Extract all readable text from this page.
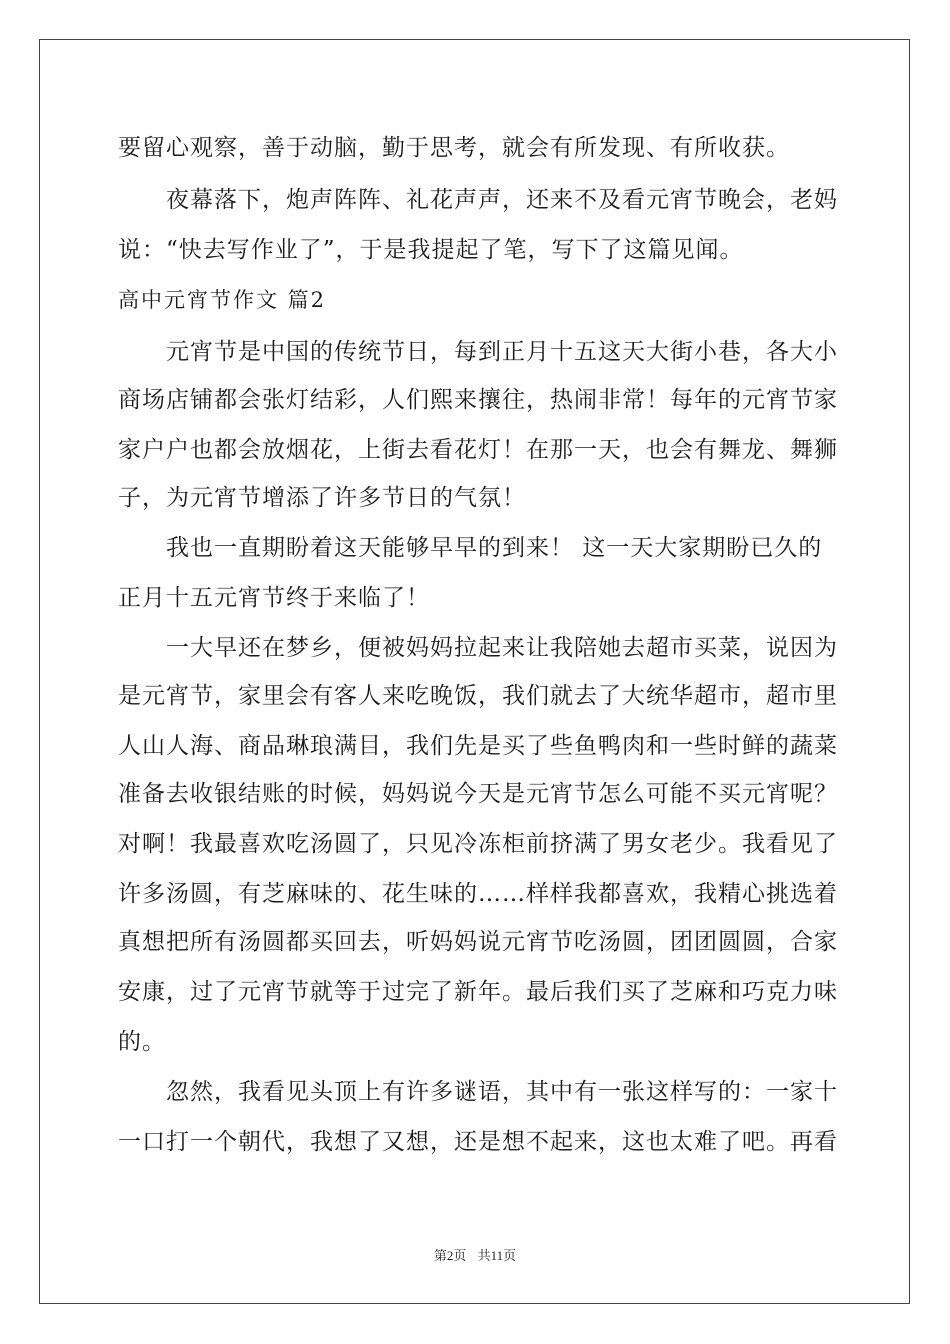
要留心观察，善于动脑，勤于思考，就会有所发现、有所收获。
夜幕落下，炮声阵阵、礼花声声，还来不及看元宵节晚会，老妈
说：“快去写作业了”，于是我提起了笔，写下了这篇见闻。
高中元宵节作文 篇2
元宵节是中国的传统节日，每到正月十五这天大街小巷，各大小
商场店铺都会张灯结彩，人们熙来攘往，热闹非常！每年的元宵节家
家户户也都会放烟花，上街去看花灯！在那一天，也会有舞龙、舞狮
子，为元宵节增添了许多节日的气氛！
我也一直期盼着这天能够早早的到来！ 这一天大家期盼已久的
正月十五元宵节终于来临了！
一大早还在梦乡，便被妈妈拉起来让我陪她去超市买菜，说因为
是元宵节，家里会有客人来吃晚饭，我们就去了大统华超市，超市里
人山人海、商品琳琅满目，我们先是买了些鱼鸭肉和一些时鲜的蔬菜
准备去收银结账的时候，妈妈说今天是元宵节怎么可能不买元宵呢？
对啊！我最喜欢吃汤圆了，只见冷冻柜前挤满了男女老少。我看见了
许多汤圆，有芝麻味的、花生味的……样样我都喜欢，我精心挑选着
真想把所有汤圆都买回去，听妈妈说元宵节吃汤圆，团团圆圆，合家
安康，过了元宵节就等于过完了新年。最后我们买了芝麻和巧克力味
的。
忽然，我看见头顶上有许多谜语，其中有一张这样写的：一家十
一口打一个朝代，我想了又想，还是想不起来，这也太难了吧。再看
第2页 共11页
